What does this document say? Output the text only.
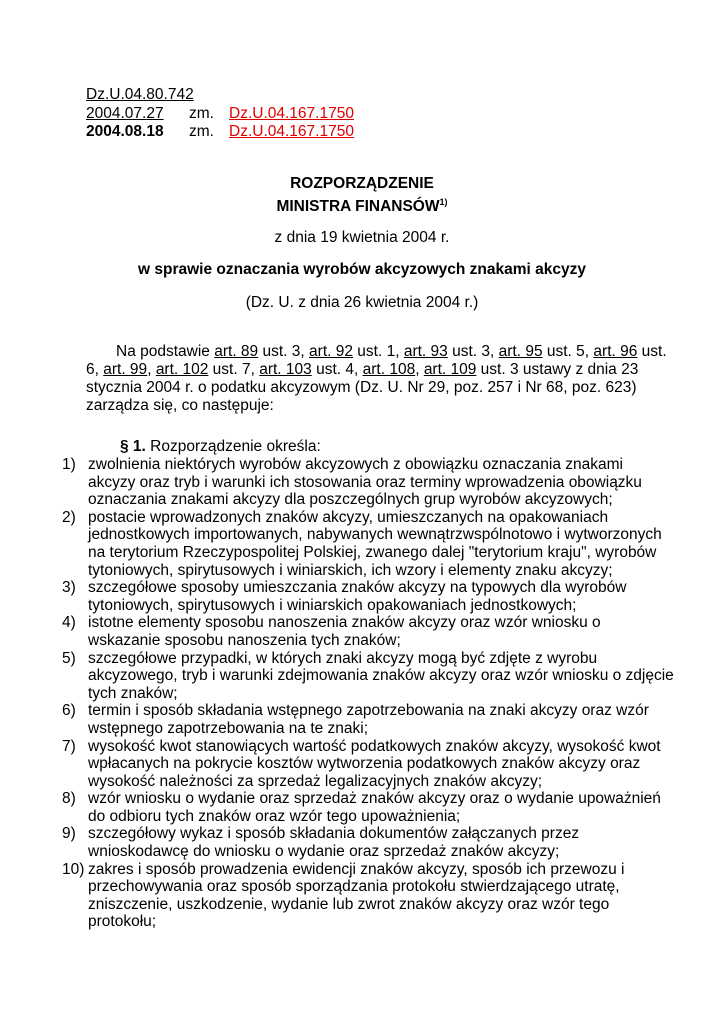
Dz.U.04.80.742
2004.07.27	zm. Dz.U.04.167.1750
2004.08.18	zm. Dz.U.04.167.1750
ROZPORZĄDZENIE
MINISTRA FINANSÓW$^{1)}$
z dnia 19 kwietnia 2004 r.
w sprawie oznaczania wyrobów akcyzowych znakami akcyzy
(Dz. U. z dnia 26 kwietnia 2004 r.)
Na podstawie art. 89 ust. 3, art. 92 ust. 1, art. 93 ust. 3, art. 95 ust. 5, art. 96 ust.
6, art. 99, art. 102 ust. 7, art. 103 ust. 4, art. 108, art. 109 ust. 3 ustawy z dnia 23
stycznia 2004 r. o podatku akcyzowym (Dz. U. Nr 29, poz. 257 i Nr 68, poz. 623)
zarządza się, co następuje:
§ 1. Rozporządzenie określa:
1) zwolnienia niektórych wyrobów akcyzowych z obowiązku oznaczania znakami
akcyzy oraz tryb i warunki ich stosowania oraz terminy wprowadzenia obowiązku
oznaczania znakami akcyzy dla poszczególnych grup wyrobów akcyzowych;
2) postacie wprowadzonych znaków akcyzy, umieszczanych na opakowaniach
jednostkowych importowanych, nabywanych wewnątrzwspólnotowo i wytworzonych
na terytorium Rzeczypospolitej Polskiej, zwanego dalej "terytorium kraju", wyrobów
tytoniowych, spirytusowych i winiarskich, ich wzory i elementy znaku akcyzy;
3) szczegółowe sposoby umieszczania znaków akcyzy na typowych dla wyrobów
tytoniowych, spirytusowych i winiarskich opakowaniach jednostkowych;
4) istotne elementy sposobu nanoszenia znaków akcyzy oraz wzór wniosku o
wskazanie sposobu nanoszenia tych znaków;
5) szczegółowe przypadki, w których znaki akcyzy mogą być zdjęte z wyrobu
akcyzowego, tryb i warunki zdejmowania znaków akcyzy oraz wzór wniosku o zdjęcie
tych znaków;
6) termin i sposób składania wstępnego zapotrzebowania na znaki akcyzy oraz wzór
wstępnego zapotrzebowania na te znaki;
7) wysokość kwot stanowiących wartość podatkowych znaków akcyzy, wysokość kwot
wpłacanych na pokrycie kosztów wytworzenia podatkowych znaków akcyzy oraz
wysokość należności za sprzedaż legalizacyjnych znaków akcyzy;
8) wzór wniosku o wydanie oraz sprzedaż znaków akcyzy oraz o wydanie upoważnień
do odbioru tych znaków oraz wzór tego upoważnienia;
9) szczegółowy wykaz i sposób składania dokumentów załączanych przez
wnioskodawcę do wniosku o wydanie oraz sprzedaż znaków akcyzy;
10) zakres i sposób prowadzenia ewidencji znaków akcyzy, sposób ich przewozu i
przechowywania oraz sposób sporządzania protokołu stwierdzającego utratę,
zniszczenie, uszkodzenie, wydanie lub zwrot znaków akcyzy oraz wzór tego
protokołu;
